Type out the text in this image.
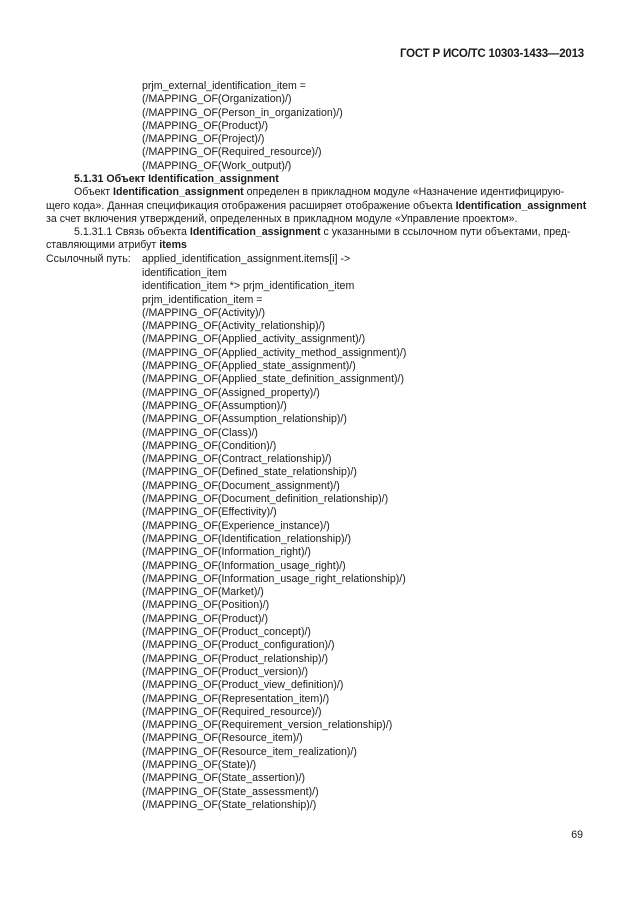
ГОСТ Р ИСО/ТС 10303-1433—2013
prjm_external_identification_item =
(/MAPPING_OF(Organization)/)
(/MAPPING_OF(Person_in_organization)/)
(/MAPPING_OF(Product)/)
(/MAPPING_OF(Project)/)
(/MAPPING_OF(Required_resource)/)
(/MAPPING_OF(Work_output)/)
5.1.31 Объект Identification_assignment
Объект Identification_assignment определен в прикладном модуле «Назначение идентифицирую-
щего кода». Данная спецификация отображения расширяет отображение объекта Identification_assignment
за счет включения утверждений, определенных в прикладном модуле «Управление проектом».
5.1.31.1 Связь объекта Identification_assignment с указанными в ссылочном пути объектами, пред-
ставляющими атрибут items
Ссылочный путь: applied_identification_assignment.items[i] ->
identification_item
identification_item *> prjm_identification_item
prjm_identification_item =
(/MAPPING_OF(Activity)/)
(/MAPPING_OF(Activity_relationship)/)
(/MAPPING_OF(Applied_activity_assignment)/)
(/MAPPING_OF(Applied_activity_method_assignment)/)
(/MAPPING_OF(Applied_state_assignment)/)
(/MAPPING_OF(Applied_state_definition_assignment)/)
(/MAPPING_OF(Assigned_property)/)
(/MAPPING_OF(Assumption)/)
(/MAPPING_OF(Assumption_relationship)/)
(/MAPPING_OF(Class)/)
(/MAPPING_OF(Condition)/)
(/MAPPING_OF(Contract_relationship)/)
(/MAPPING_OF(Defined_state_relationship)/)
(/MAPPING_OF(Document_assignment)/)
(/MAPPING_OF(Document_definition_relationship)/)
(/MAPPING_OF(Effectivity)/)
(/MAPPING_OF(Experience_instance)/)
(/MAPPING_OF(Identification_relationship)/)
(/MAPPING_OF(Information_right)/)
(/MAPPING_OF(Information_usage_right)/)
(/MAPPING_OF(Information_usage_right_relationship)/)
(/MAPPING_OF(Market)/)
(/MAPPING_OF(Position)/)
(/MAPPING_OF(Product)/)
(/MAPPING_OF(Product_concept)/)
(/MAPPING_OF(Product_configuration)/)
(/MAPPING_OF(Product_relationship)/)
(/MAPPING_OF(Product_version)/)
(/MAPPING_OF(Product_view_definition)/)
(/MAPPING_OF(Representation_item)/)
(/MAPPING_OF(Required_resource)/)
(/MAPPING_OF(Requirement_version_relationship)/)
(/MAPPING_OF(Resource_item)/)
(/MAPPING_OF(Resource_item_realization)/)
(/MAPPING_OF(State)/)
(/MAPPING_OF(State_assertion)/)
(/MAPPING_OF(State_assessment)/)
(/MAPPING_OF(State_relationship)/)
69
